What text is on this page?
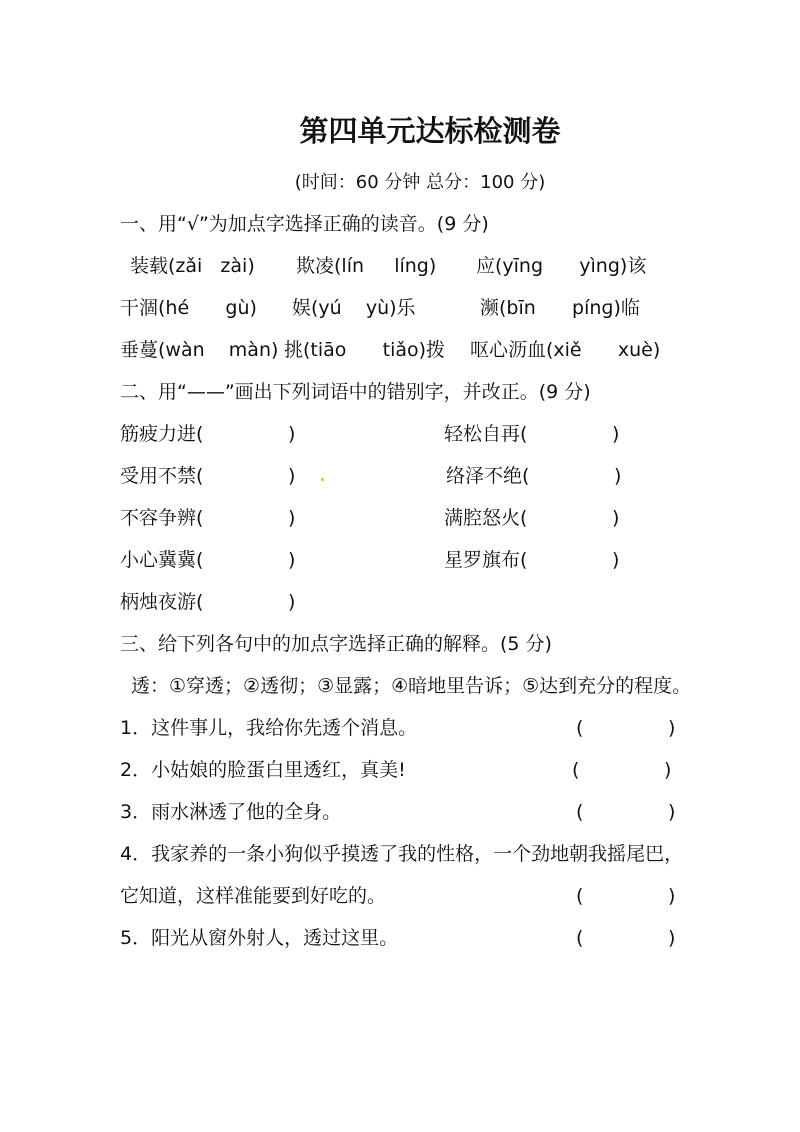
第四单元达标检测卷
(时间：60 分钟 总分：100 分)
一、用“√”为加点字选择正确的读音。(9 分)
装载(zǎi   zài) 欺凌(lín     líng) 应(yīng      yìng)该
干涸(hé      gù) 娱(yú    yù)乐	濒(bīn      pínɡ)临
垂蔓(wàn    màn) 挑(tiāo      tiǎo)拨 呕心沥血(xiě      xuè)
二、用“——”画出下列词语中的错别字，并改正。(9 分)
筋疲力进(              )	轻松自再(              )
受用不禁(              )	络泽不绝(              )
不容争辨(              )	满腔怒火(              )
小心冀冀(              )	星罗旗布(              )
柄烛夜游(              )
三、给下列各句中的加点字选择正确的解释。(5 分)
透：①穿透；②透彻；③显露；④暗地里告诉；⑤达到充分的程度。
1．这件事儿，我给你先透个消息。	(              )
2．小姑娘的脸蛋白里透红，真美!	(              )
3．雨水淋透了他的全身。	(              )
4．我家养的一条小狗似乎摸透了我的性格，一个劲地朝我摇尾巴，
它知道，这样准能要到好吃的。	(              )
5．阳光从窗外射人，透过这里。	(              )
